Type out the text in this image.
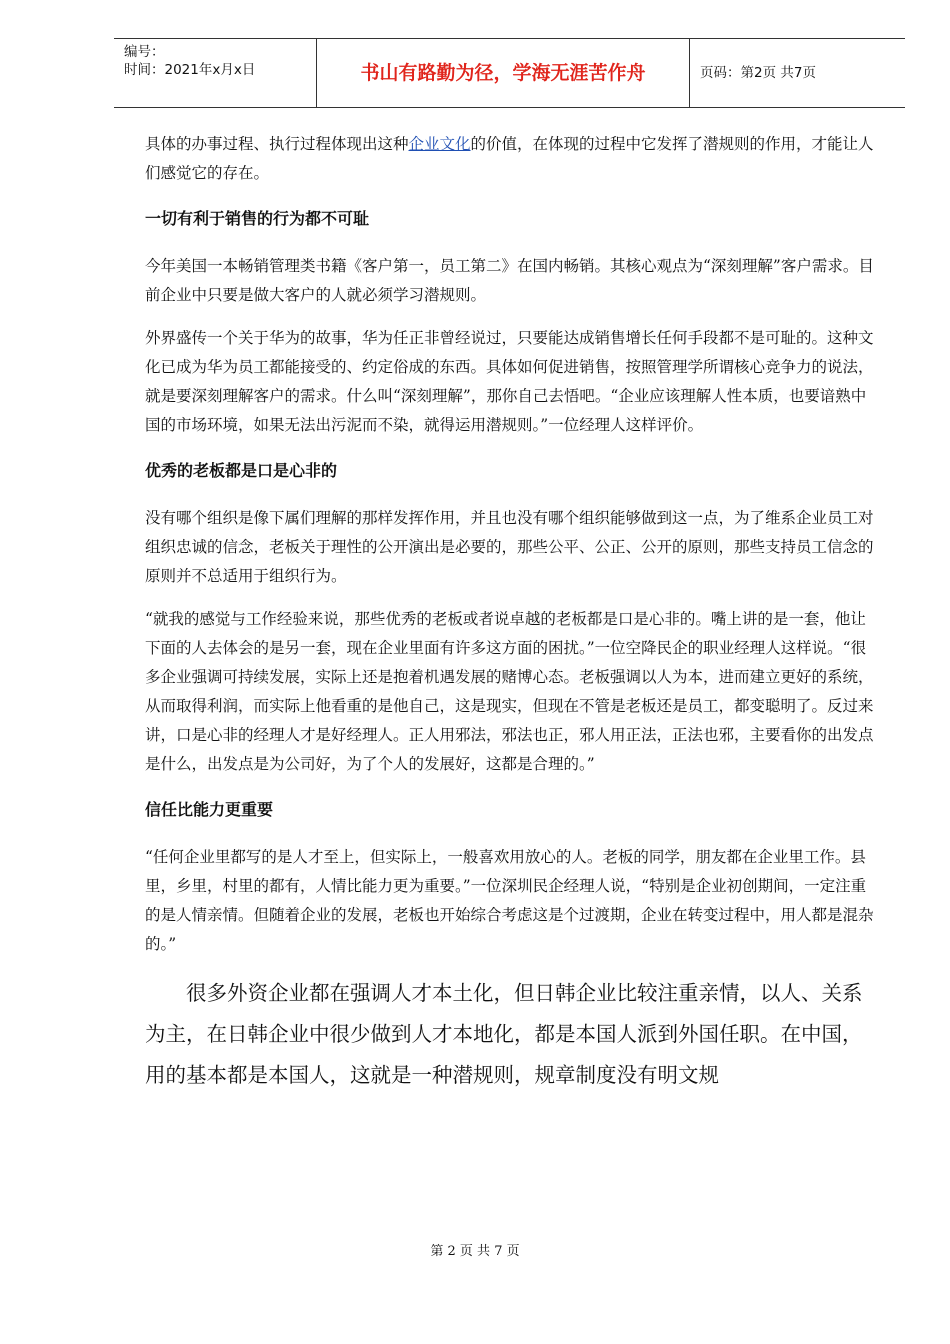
编号：
时间：2021年x月x日	书山有路勤为径，学海无涯苦作舟	页码：第2页 共7页

具体的办事过程、执行过程体现出这种企业文化的价值，在体现的过程中它发挥了潜规则的作用，才能让人们感觉它的存在。

一切有利于销售的行为都不可耻

今年美国一本畅销管理类书籍《客户第一，员工第二》在国内畅销。其核心观点为“深刻理解”客户需求。目前企业中只要是做大客户的人就必须学习潜规则。

外界盛传一个关于华为的故事，华为任正非曾经说过，只要能达成销售增长任何手段都不是可耻的。这种文化已成为华为员工都能接受的、约定俗成的东西。具体如何促进销售，按照管理学所谓核心竞争力的说法，就是要深刻理解客户的需求。什么叫“深刻理解”，那你自己去悟吧。“企业应该理解人性本质，也要谙熟中国的市场环境，如果无法出污泥而不染，就得运用潜规则。”一位经理人这样评价。

优秀的老板都是口是心非的

没有哪个组织是像下属们理解的那样发挥作用，并且也没有哪个组织能够做到这一点，为了维系企业员工对组织忠诚的信念，老板关于理性的公开演出是必要的，那些公平、公正、公开的原则，那些支持员工信念的原则并不总适用于组织行为。

“就我的感觉与工作经验来说，那些优秀的老板或者说卓越的老板都是口是心非的。嘴上讲的是一套，他让下面的人去体会的是另一套，现在企业里面有许多这方面的困扰。”一位空降民企的职业经理人这样说。“很多企业强调可持续发展，实际上还是抱着机遇发展的赌博心态。老板强调以人为本，进而建立更好的系统，从而取得利润，而实际上他看重的是他自己，这是现实，但现在不管是老板还是员工，都变聪明了。反过来讲，口是心非的经理人才是好经理人。正人用邪法，邪法也正，邪人用正法，正法也邪，主要看你的出发点是什么，出发点是为公司好，为了个人的发展好，这都是合理的。”

信任比能力更重要

“任何企业里都写的是人才至上，但实际上，一般喜欢用放心的人。老板的同学，朋友都在企业里工作。县里，乡里，村里的都有，人情比能力更为重要。”一位深圳民企经理人说，“特别是企业初创期间，一定注重的是人情亲情。但随着企业的发展，老板也开始综合考虑这是个过渡期，企业在转变过程中，用人都是混杂的。”

很多外资企业都在强调人才本土化，但日韩企业比较注重亲情，以人、关系为主，在日韩企业中很少做到人才本地化，都是本国人派到外国任职。在中国，用的基本都是本国人，这就是一种潜规则，规章制度没有明文规

第 2 页 共 7 页
